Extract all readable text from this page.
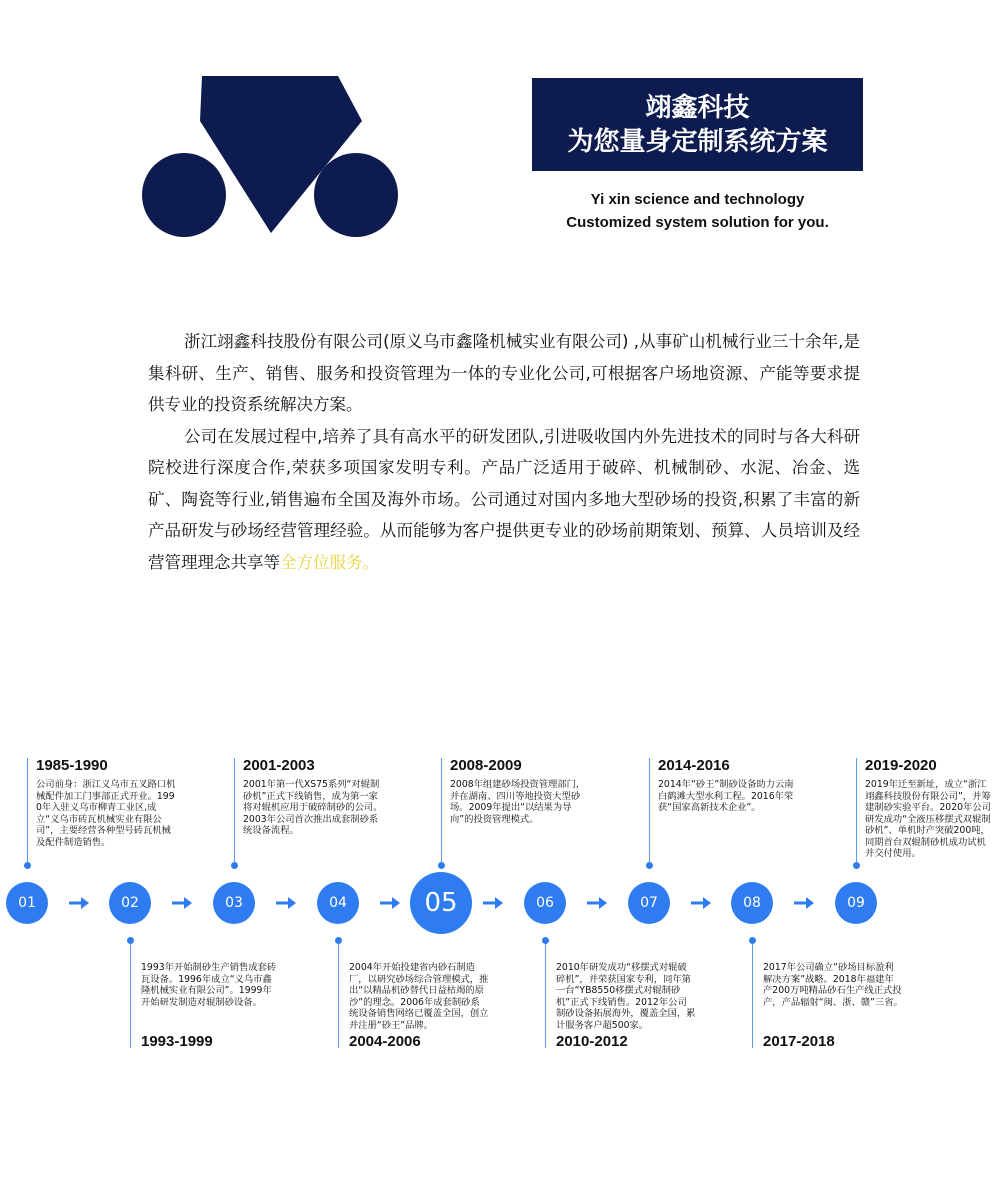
翊鑫科技
为您量身定制系统方案
Yi xin science and technology
Customized system solution for you.

浙江翊鑫科技股份有限公司(原义乌市鑫隆机械实业有限公司) ,从事矿山机械行业三十余年,是集科研、生产、销售、服务和投资管理为一体的专业化公司,可根据客户场地资源、产能等要求提供专业的投资系统解决方案。

公司在发展过程中,培养了具有高水平的研发团队,引进吸收国内外先进技术的同时与各大科研院校进行深度合作,荣获多项国家发明专利。产品广泛适用于破碎、机械制砂、水泥、冶金、选矿、陶瓷等行业,销售遍布全国及海外市场。公司通过对国内多地大型砂场的投资,积累了丰富的新产品研发与砂场经营管理经验。从而能够为客户提供更专业的砂场前期策划、预算、人员培训及经营管理理念共享等全方位服务。

01
1985-1990
公司前身：浙江义乌市五叉路口机械配件加工门事部正式开业。1990年入驻义乌市柳青工业区,成立“义乌市砖瓦机械实业有限公司”，主要经营各种型号砖瓦机械及配件制造销售。
02
1993年开始制砂生产销售成套砖瓦设备。1996年成立“义乌市鑫隆机械实业有限公司”。1999年开始研发制造对辊制砂设备。
1993-1999
03
2001-2003
2001年第一代XS75系列“对辊制砂机”正式下线销售，成为第一家将对辊机应用于破碎制砂的公司。2003年公司首次推出成套制砂系统设备流程。
04
2004年开始投建省内砂石制造厂，以研究砂场综合管理模式，推出“以精品机砂替代日益枯竭的原沙”的理念。2006年成套制砂系统设备销售网络已覆盖全国，创立并注册“砂王”品牌。
2004-2006
05
2008-2009
2008年组建砂场投资管理部门，并在湖南、四川等地投资大型砂场。2009年提出“以结果为导向”的投资管理模式。
06
2010年研发成功“移摆式对辊破碎机”，并荣获国家专利，同年第一台“YB8550移摆式对辊制砂机”正式下线销售。2012年公司制砂设备拓展海外，覆盖全国，累计服务客户超500家。
2010-2012
07
2014-2016
2014年“砂王”制砂设备助力云南白鹤滩大型水利工程。2016年荣获“国家高新技术企业”。
08
2017年公司确立“砂场目标盈利解决方案”战略。2018年福建年产200万吨精品砂石生产线正式投产，产品辐射“闽、浙、赣”三省。
2017-2018
09
2019-2020
2019年迁至新址，成立“浙江翊鑫科技股份有限公司”，并筹建制砂实验平台。2020年公司研发成功“全液压移摆式双辊制砂机”、单机时产突破200吨，同期首台双辊制砂机成功试机并交付使用。
